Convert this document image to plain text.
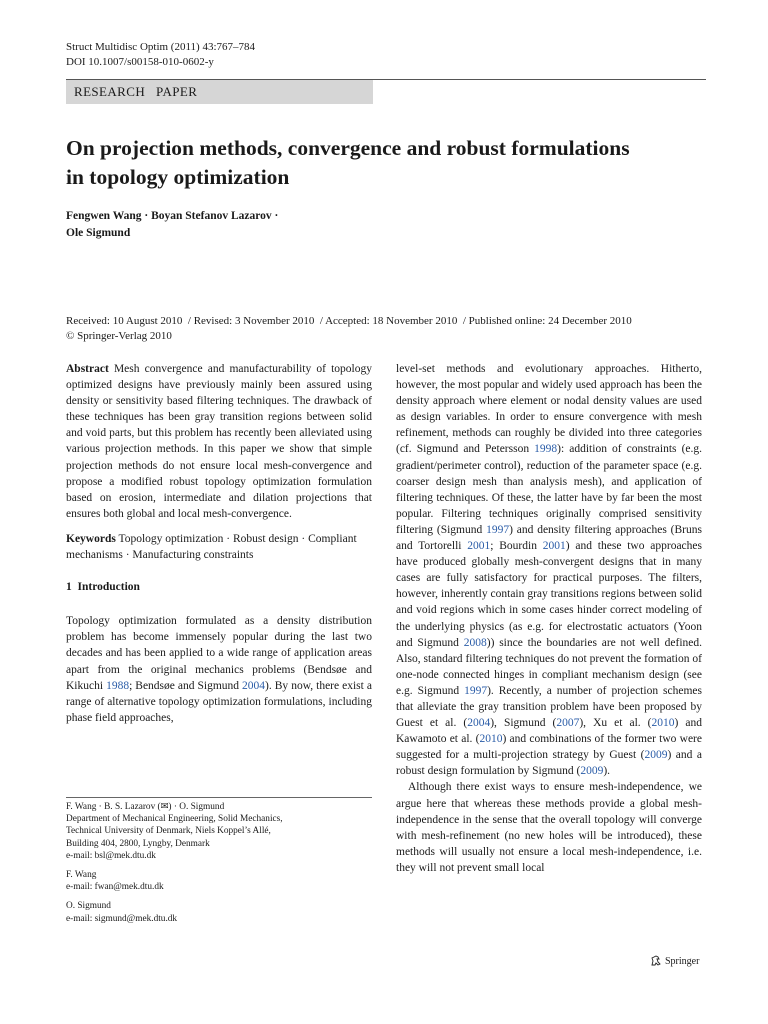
Struct Multidisc Optim (2011) 43:767–784
DOI 10.1007/s00158-010-0602-y
RESEARCH   PAPER
On projection methods, convergence and robust formulations
in topology optimization
Fengwen Wang · Boyan Stefanov Lazarov ·
Ole Sigmund
Received: 10 August 2010  / Revised: 3 November 2010  / Accepted: 18 November 2010  / Published online: 24 December 2010
© Springer-Verlag 2010

Abstract Mesh convergence and manufacturability of topology optimized designs have previously mainly been assured using density or sensitivity based filtering techniques. The drawback of these techniques has been gray transition regions between solid and void parts, but this problem has recently been alleviated using various projection methods. In this paper we show that simple projection methods do not ensure local mesh-convergence and propose a modified robust topology optimization formulation based on erosion, intermediate and dilation projections that ensures both global and local mesh-convergence.

Keywords Topology optimization · Robust design · Compliant mechanisms · Manufacturing constraints

1  Introduction

Topology optimization formulated as a density distribution problem has become immensely popular during the last two decades and has been applied to a wide range of application areas apart from the original mechanics problems (Bendsøe and Kikuchi 1988; Bendsøe and Sigmund 2004). By now, there exist a range of alternative topology optimization formulations, including phase field approaches,

level-set methods and evolutionary approaches. Hitherto, however, the most popular and widely used approach has been the density approach where element or nodal density values are used as design variables. In order to ensure convergence with mesh refinement, methods can roughly be divided into three categories (cf. Sigmund and Petersson 1998): addition of constraints (e.g. gradient/perimeter control), reduction of the parameter space (e.g. coarser design mesh than analysis mesh), and application of filtering techniques. Of these, the latter have by far been the most popular. Filtering techniques originally comprised sensitivity filtering (Sigmund 1997) and density filtering approaches (Bruns and Tortorelli 2001; Bourdin 2001) and these two approaches have produced globally mesh-convergent designs that in many cases are fully satisfactory for practical purposes. The filters, however, inherently contain gray transitions regions between solid and void regions which in some cases hinder correct modeling of the underlying physics (as e.g. for electrostatic actuators (Yoon and Sigmund 2008)) since the boundaries are not well defined. Also, standard filtering techniques do not prevent the formation of one-node connected hinges in compliant mechanism design (see e.g. Sigmund 1997). Recently, a number of projection schemes that alleviate the gray transition problem have been proposed by Guest et al. (2004), Sigmund (2007), Xu et al. (2010) and Kawamoto et al. (2010) and combinations of the former two were suggested for a multi-projection strategy by Guest (2009) and a robust design formulation by Sigmund (2009).

Although there exist ways to ensure mesh-independence, we argue here that whereas these methods provide a global mesh-independence in the sense that the overall topology will converge with mesh-refinement (no new holes will be introduced), these methods will usually not ensure a local mesh-independence, i.e. they will not prevent small local

F. Wang · B. S. Lazarov (✉) · O. Sigmund
Department of Mechanical Engineering, Solid Mechanics,
Technical University of Denmark, Niels Koppel’s Allé,
Building 404, 2800, Lyngby, Denmark
e-mail: bsl@mek.dtu.dk
F. Wang
e-mail: fwan@mek.dtu.dk
O. Sigmund
e-mail: sigmund@mek.dtu.dk
Springer
